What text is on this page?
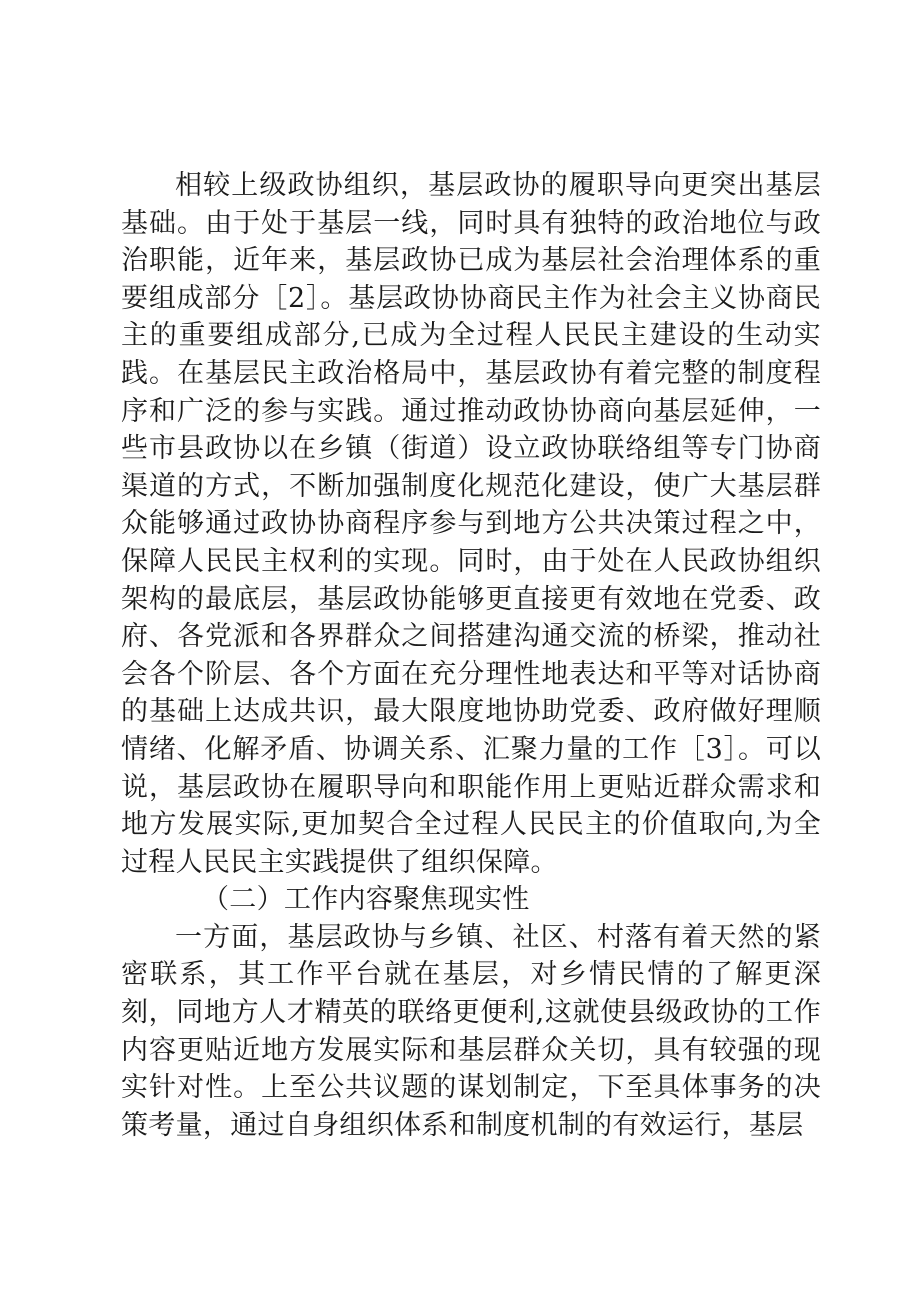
相较上级政协组织，基层政协的履职导向更突出基层基础。由于处于基层一线，同时具有独特的政治地位与政治职能，近年来，基层政协已成为基层社会治理体系的重要组成部分［2］。基层政协协商民主作为社会主义协商民主的重要组成部分,已成为全过程人民民主建设的生动实践。在基层民主政治格局中，基层政协有着完整的制度程序和广泛的参与实践。通过推动政协协商向基层延伸，一些市县政协以在乡镇（街道）设立政协联络组等专门协商渠道的方式，不断加强制度化规范化建设，使广大基层群众能够通过政协协商程序参与到地方公共决策过程之中，保障人民民主权利的实现。同时，由于处在人民政协组织架构的最底层，基层政协能够更直接更有效地在党委、政府、各党派和各界群众之间搭建沟通交流的桥梁，推动社会各个阶层、各个方面在充分理性地表达和平等对话协商的基础上达成共识，最大限度地协助党委、政府做好理顺情绪、化解矛盾、协调关系、汇聚力量的工作［3］。可以说，基层政协在履职导向和职能作用上更贴近群众需求和地方发展实际,更加契合全过程人民民主的价值取向,为全过程人民民主实践提供了组织保障。

（二）工作内容聚焦现实性

一方面，基层政协与乡镇、社区、村落有着天然的紧密联系，其工作平台就在基层，对乡情民情的了解更深刻，同地方人才精英的联络更便利,这就使县级政协的工作内容更贴近地方发展实际和基层群众关切，具有较强的现实针对性。上至公共议题的谋划制定，下至具体事务的决策考量，通过自身组织体系和制度机制的有效运行，基层
